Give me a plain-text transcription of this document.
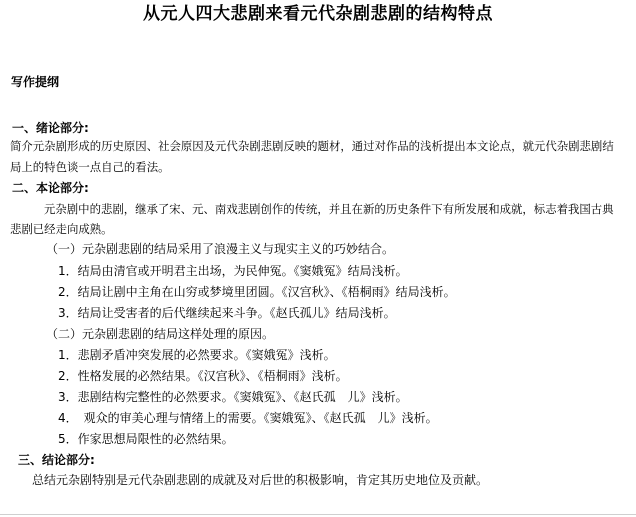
从元人四大悲剧来看元代杂剧悲剧的结构特点
写作提纲
一、绪论部分:
简介元杂剧形成的历史原因、社会原因及元代杂剧悲剧反映的题材，通过对作品的浅析提出本文论点，就元代杂剧悲剧结
局上的特色谈一点自己的看法。
二、本论部分:
元杂剧中的悲剧，继承了宋、元、南戏悲剧创作的传统，并且在新的历史条件下有所发展和成就，标志着我国古典
悲剧已经走向成熟。
（一）元杂剧悲剧的结局采用了浪漫主义与现实主义的巧妙结合。
1．结局由清官或开明君主出场，为民伸冤。《窦娥冤》结局浅析。
2．结局让剧中主角在山穷或梦境里团圆。《汉宫秋》、《梧桐雨》结局浅析。
3．结局让受害者的后代继续起来斗争。《赵氏孤儿》结局浅析。
（二）元杂剧悲剧的结局这样处理的原因。
1．悲剧矛盾冲突发展的必然要求。《窦娥冤》浅析。
2．性格发展的必然结果。《汉宫秋》、《梧桐雨》浅析。
3．悲剧结构完整性的必然要求。《窦娥冤》、《赵氏孤　儿》浅析。
4．　观众的审美心理与情绪上的需要。《窦娥冤》、《赵氏孤　儿》浅析。
5．作家思想局限性的必然结果。
三、结论部分:
总结元杂剧特别是元代杂剧悲剧的成就及对后世的积极影响，肯定其历史地位及贡献。
